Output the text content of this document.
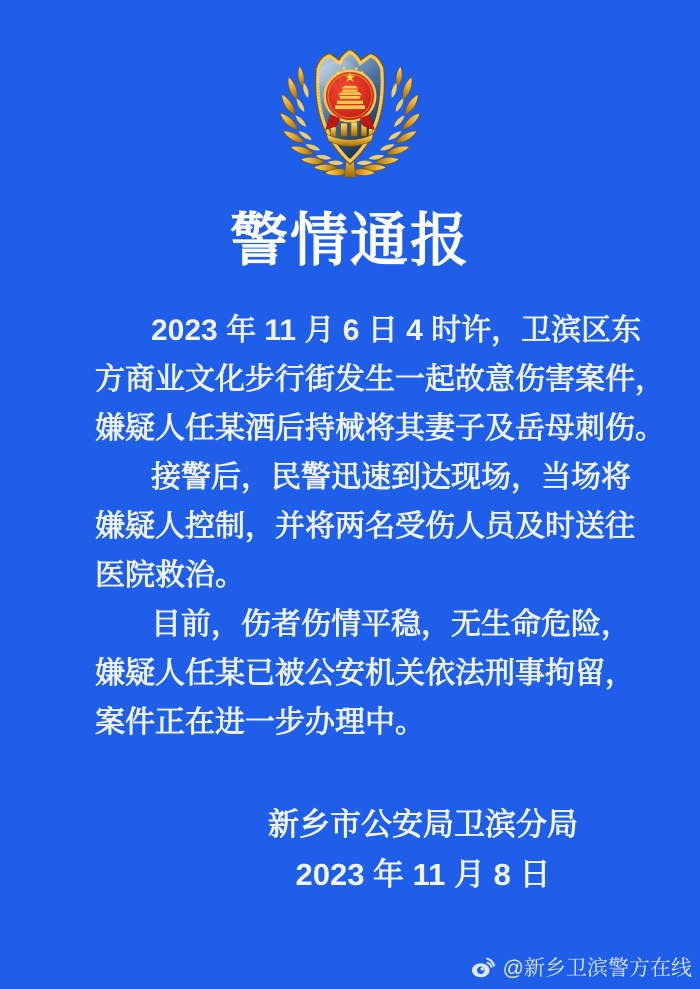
警情通报

2023 年 11 月 6 日 4 时许，卫滨区东

方商业文化步行街发生一起故意伤害案件，

嫌疑人任某酒后持械将其妻子及岳母刺伤。

接警后，民警迅速到达现场，当场将

嫌疑人控制，并将两名受伤人员及时送往

医院救治。

目前，伤者伤情平稳，无生命危险，

嫌疑人任某已被公安机关依法刑事拘留，

案件正在进一步办理中。

新乡市公安局卫滨分局

2023 年 11 月 8 日

@新乡卫滨警方在线
